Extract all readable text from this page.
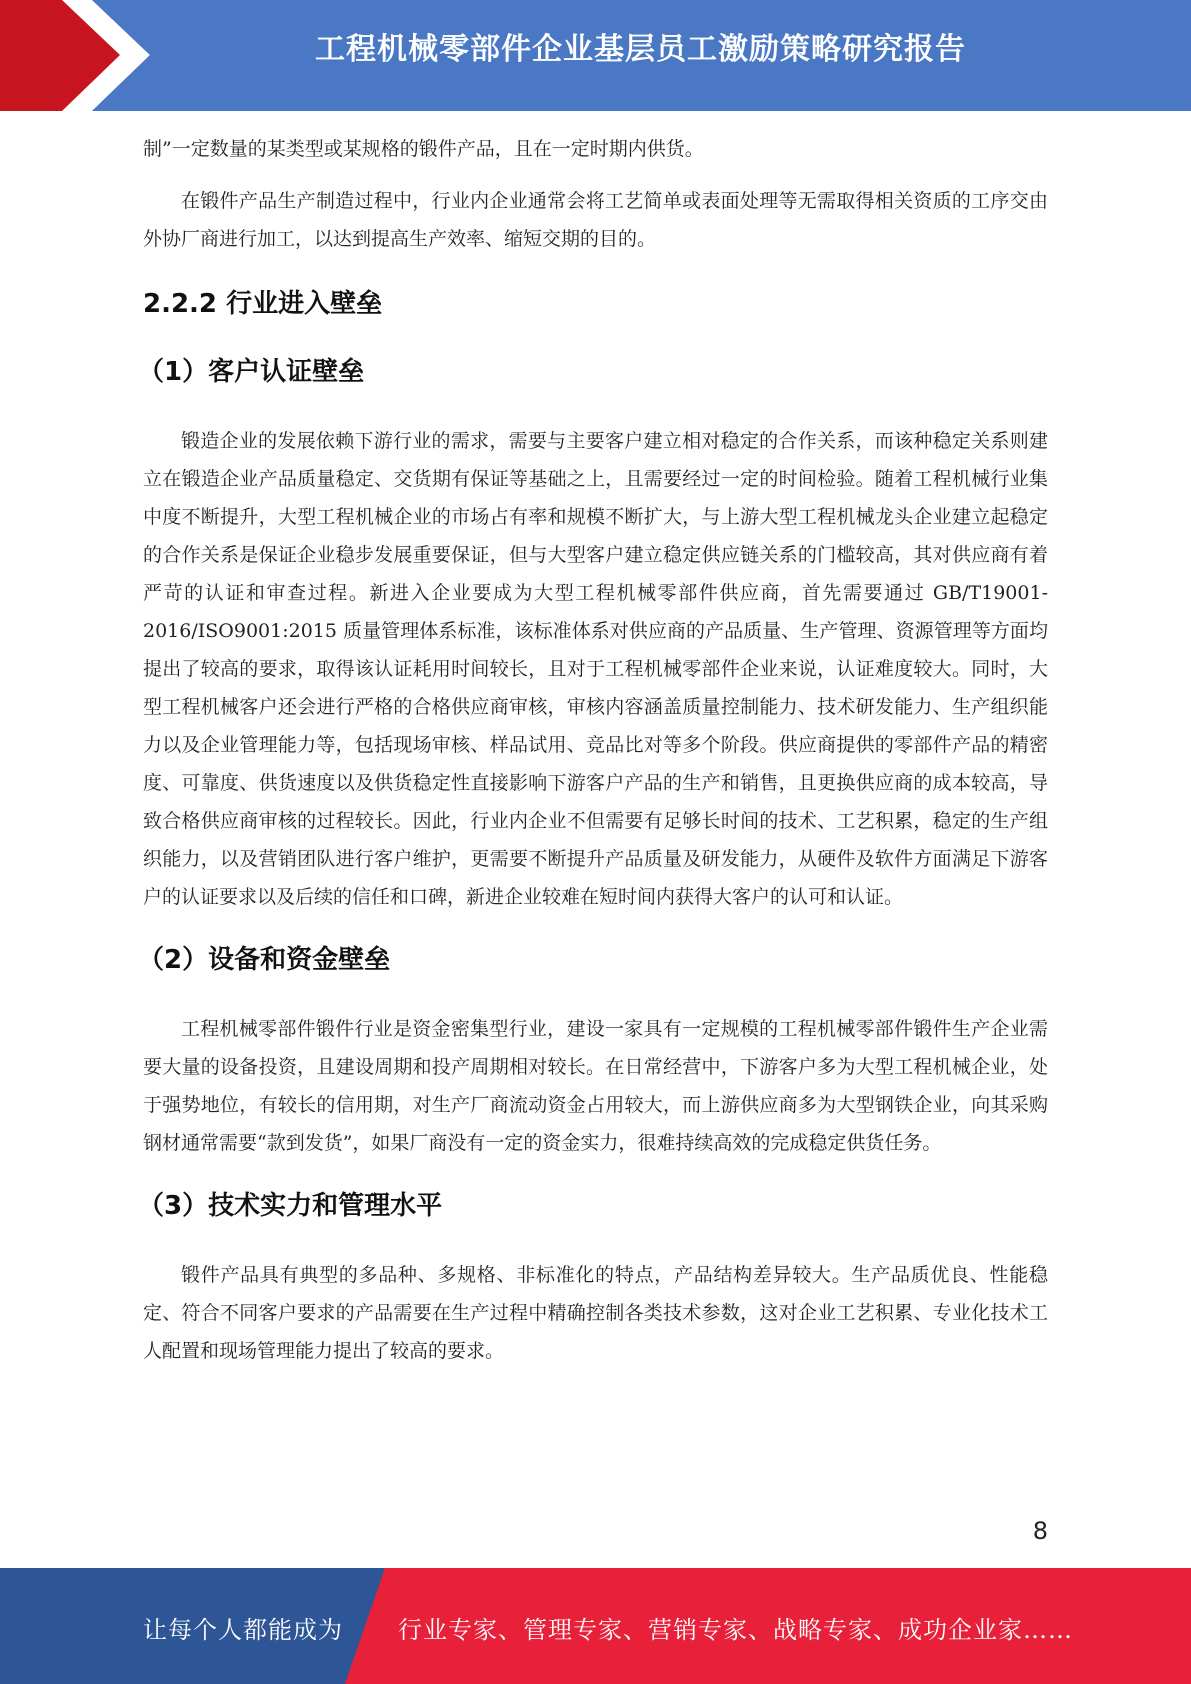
工程机械零部件企业基层员工激励策略研究报告

制”一定数量的某类型或某规格的锻件产品，且在一定时期内供货。

在锻件产品生产制造过程中，行业内企业通常会将工艺简单或表面处理等无需取得相关资质的工序交由外协厂商进行加工，以达到提高生产效率、缩短交期的目的。

2.2.2 行业进入壁垒
（1）客户认证壁垒

锻造企业的发展依赖下游行业的需求，需要与主要客户建立相对稳定的合作关系，而该种稳定关系则建立在锻造企业产品质量稳定、交货期有保证等基础之上，且需要经过一定的时间检验。随着工程机械行业集中度不断提升，大型工程机械企业的市场占有率和规模不断扩大，与上游大型工程机械龙头企业建立起稳定的合作关系是保证企业稳步发展重要保证，但与大型客户建立稳定供应链关系的门槛较高，其对供应商有着严苛的认证和审查过程。新进入企业要成为大型工程机械零部件供应商，首先需要通过 GB/T19001-2016/ISO9001:2015 质量管理体系标准，该标准体系对供应商的产品质量、生产管理、资源管理等方面均提出了较高的要求，取得该认证耗用时间较长，且对于工程机械零部件企业来说，认证难度较大。同时，大型工程机械客户还会进行严格的合格供应商审核，审核内容涵盖质量控制能力、技术研发能力、生产组织能力以及企业管理能力等，包括现场审核、样品试用、竞品比对等多个阶段。供应商提供的零部件产品的精密度、可靠度、供货速度以及供货稳定性直接影响下游客户产品的生产和销售，且更换供应商的成本较高，导致合格供应商审核的过程较长。因此，行业内企业不但需要有足够长时间的技术、工艺积累，稳定的生产组织能力，以及营销团队进行客户维护，更需要不断提升产品质量及研发能力，从硬件及软件方面满足下游客户的认证要求以及后续的信任和口碑，新进企业较难在短时间内获得大客户的认可和认证。

（2）设备和资金壁垒

工程机械零部件锻件行业是资金密集型行业，建设一家具有一定规模的工程机械零部件锻件生产企业需要大量的设备投资，且建设周期和投产周期相对较长。在日常经营中，下游客户多为大型工程机械企业，处于强势地位，有较长的信用期，对生产厂商流动资金占用较大，而上游供应商多为大型钢铁企业，向其采购钢材通常需要“款到发货”，如果厂商没有一定的资金实力，很难持续高效的完成稳定供货任务。

（3）技术实力和管理水平

锻件产品具有典型的多品种、多规格、非标准化的特点，产品结构差异较大。生产品质优良、性能稳定、符合不同客户要求的产品需要在生产过程中精确控制各类技术参数，这对企业工艺积累、专业化技术工人配置和现场管理能力提出了较高的要求。

8
让每个人都能成为 行业专家、管理专家、营销专家、战略专家、成功企业家……
